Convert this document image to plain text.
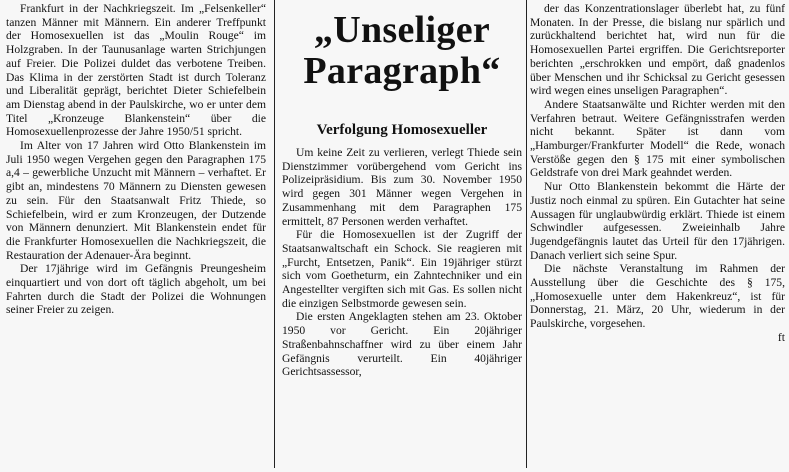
Frankfurt in der Nachkriegszeit. Im „Felsenkeller“ tanzen Männer mit Männern. Ein anderer Treffpunkt der Homosexuellen ist das „Moulin Rouge“ im Holzgraben. In der Taunusanlage warten Strichjungen auf Freier. Die Polizei duldet das verbotene Treiben. Das Klima in der zerstörten Stadt ist durch Toleranz und Liberalität geprägt, berichtet Dieter Schiefelbein am Dienstag abend in der Paulskirche, wo er unter dem Titel „Kronzeuge Blankenstein“ über die Homosexuellenprozesse der Jahre 1950/51 spricht.

Im Alter von 17 Jahren wird Otto Blankenstein im Juli 1950 wegen Vergehen gegen den Paragraphen 175 a,4 – gewerbliche Unzucht mit Männern – verhaftet. Er gibt an, mindestens 70 Männern zu Diensten gewesen zu sein. Für den Staatsanwalt Fritz Thiede, so Schiefelbein, wird er zum Kronzeugen, der Dutzende von Männern denunziert. Mit Blankenstein endet für die Frankfurter Homosexuellen die Nachkriegszeit, die Restauration der Adenauer-Ära beginnt.

Der 17jährige wird im Gefängnis Preungesheim einquartiert und von dort oft täglich abgeholt, um bei Fahrten durch die Stadt der Polizei die Wohnungen seiner Freier zu zeigen.

„Unseliger Paragraph“
Verfolgung Homosexueller

Um keine Zeit zu verlieren, verlegt Thiede sein Dienstzimmer vorübergehend vom Gericht ins Polizeipräsidium. Bis zum 30. November 1950 wird gegen 301 Männer wegen Vergehen in Zusammenhang mit dem Paragraphen 175 ermittelt, 87 Personen werden verhaftet.

Für die Homosexuellen ist der Zugriff der Staatsanwaltschaft ein Schock. Sie reagieren mit „Furcht, Entsetzen, Panik“. Ein 19jähriger stürzt sich vom Goetheturm, ein Zahntechniker und ein Angestellter vergiften sich mit Gas. Es sollen nicht die einzigen Selbstmorde gewesen sein.

Die ersten Angeklagten stehen am 23. Oktober 1950 vor Gericht. Ein 20jähriger Straßenbahnschaffner wird zu über einem Jahr Gefängnis verurteilt. Ein 40jähriger Gerichtsassessor,

der das Konzentrationslager überlebt hat, zu fünf Monaten. In der Presse, die bislang nur spärlich und zurückhaltend berichtet hat, wird nun für die Homosexuellen Partei ergriffen. Die Gerichtsreporter berichten „erschrokken und empört, daß gnadenlos über Menschen und ihr Schicksal zu Gericht gesessen wird wegen eines unseligen Paragraphen“.

Andere Staatsanwälte und Richter werden mit den Verfahren betraut. Weitere Gefängnisstrafen werden nicht bekannt. Später ist dann vom „Hamburger/Frankfurter Modell“ die Rede, wonach Verstöße gegen den § 175 mit einer symbolischen Geldstrafe von drei Mark geahndet werden.

Nur Otto Blankenstein bekommt die Härte der Justiz noch einmal zu spüren. Ein Gutachter hat seine Aussagen für unglaubwürdig erklärt. Thiede ist einem Schwindler aufgesessen. Zweieinhalb Jahre Jugendgefängnis lautet das Urteil für den 17jährigen. Danach verliert sich seine Spur.

Die nächste Veranstaltung im Rahmen der Ausstellung über die Geschichte des § 175, „Homosexuelle unter dem Hakenkreuz“, ist für Donnerstag, 21. März, 20 Uhr, wiederum in der Paulskirche, vorgesehen.

ft
